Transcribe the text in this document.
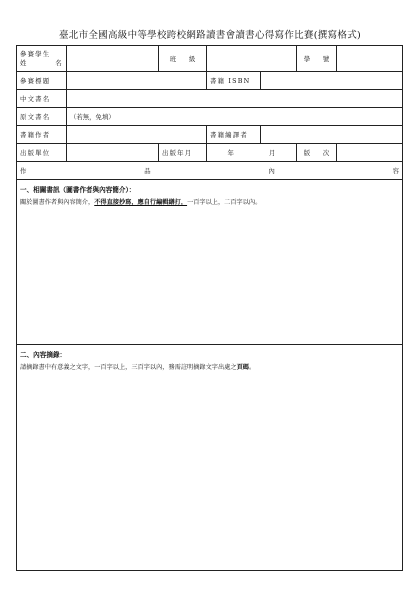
臺北市全國高級中等學校跨校網路讀書會讀書心得寫作比賽(撰寫格式)
參賽學生
姓 名		班　　級			學　　號	
參賽標題			書籍 ISBN			
中文書名						
原文書名	（若無，免填）					
書籍作者			書籍編譯者			
出版單位		出版年月	年 月		版　　次	

作 品 內 容						

一、相關書訊（圖書作者與內容簡介）：
關於圖書作者與內容簡介，不得直接抄寫，應自行編輯繕打，一百字以上，二百字以內。						

二、內容摘錄：
請摘錄書中有意義之文字，一百字以上，三百字以內，務需註明摘錄文字出處之頁碼。						
